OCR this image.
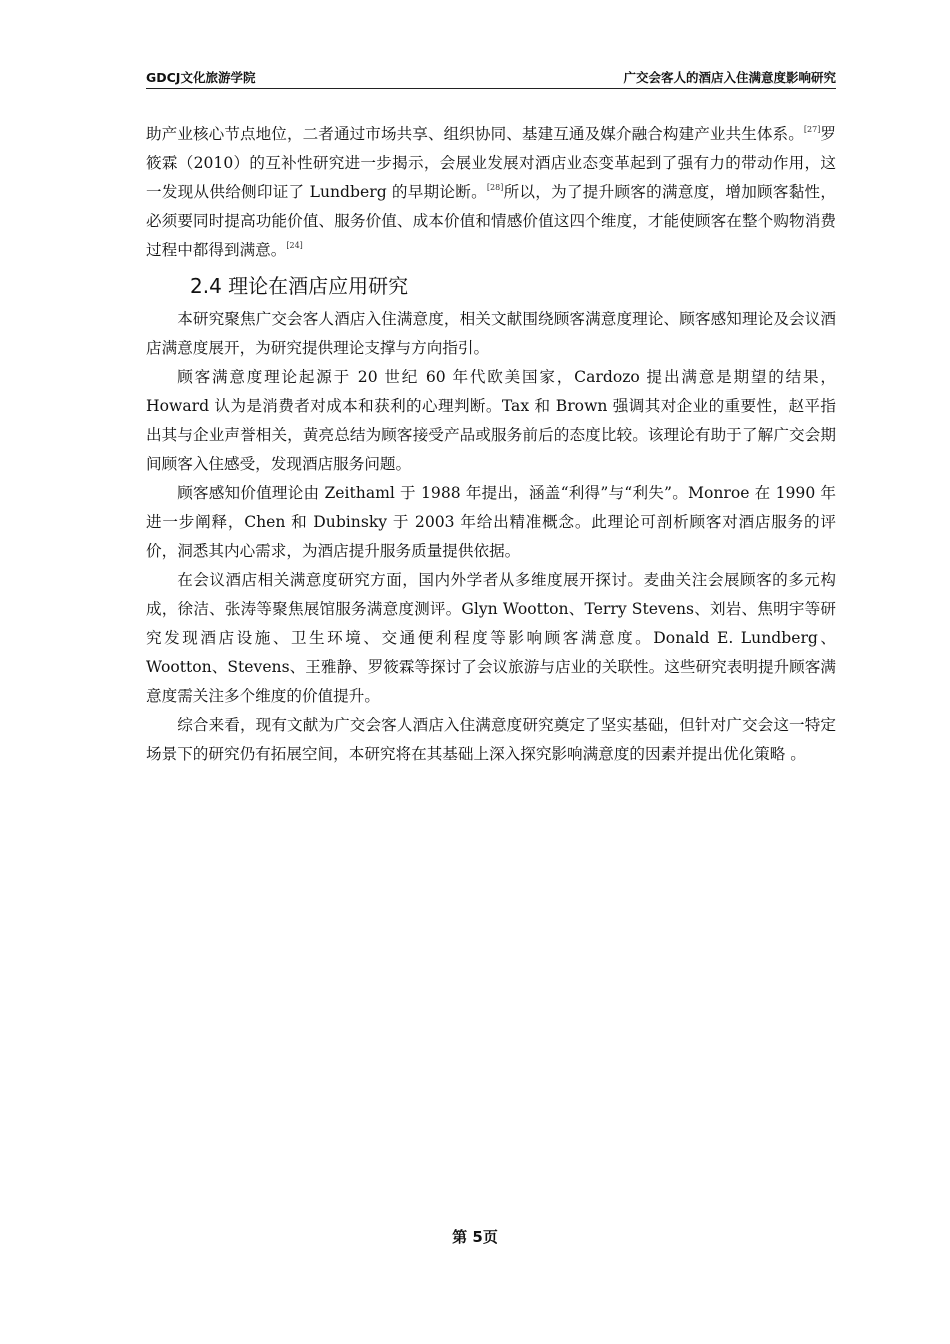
GDCJ文化旅游学院	广交会客人的酒店入住满意度影响研究

助产业核心节点地位，二者通过市场共享、组织协同、基建互通及媒介融合构建产业共生体系。[27]罗筱霖（2010）的互补性研究进一步揭示，会展业发展对酒店业态变革起到了强有力的带动作用，这一发现从供给侧印证了 Lundberg 的早期论断。[28]所以，为了提升顾客的满意度，增加顾客黏性，必须要同时提高功能价值、服务价值、成本价值和情感价值这四个维度，才能使顾客在整个购物消费过程中都得到满意。[24]

2.4 理论在酒店应用研究

本研究聚焦广交会客人酒店入住满意度，相关文献围绕顾客满意度理论、顾客感知理论及会议酒店满意度展开，为研究提供理论支撑与方向指引。

顾客满意度理论起源于 20 世纪 60 年代欧美国家，Cardozo 提出满意是期望的结果，Howard 认为是消费者对成本和获利的心理判断。Tax 和 Brown 强调其对企业的重要性，赵平指出其与企业声誉相关，黄亮总结为顾客接受产品或服务前后的态度比较。该理论有助于了解广交会期间顾客入住感受，发现酒店服务问题。

顾客感知价值理论由 Zeithaml 于 1988 年提出，涵盖“利得”与“利失”。Monroe 在 1990 年进一步阐释，Chen 和 Dubinsky 于 2003 年给出精准概念。此理论可剖析顾客对酒店服务的评价，洞悉其内心需求，为酒店提升服务质量提供依据。

在会议酒店相关满意度研究方面，国内外学者从多维度展开探讨。麦曲关注会展顾客的多元构成，徐洁、张涛等聚焦展馆服务满意度测评。Glyn Wootton、Terry Stevens、刘岩、焦明宇等研究发现酒店设施、卫生环境、交通便利程度等影响顾客满意度。Donald E. Lundberg、Wootton、Stevens、王雅静、罗筱霖等探讨了会议旅游与店业的关联性。这些研究表明提升顾客满意度需关注多个维度的价值提升。

综合来看，现有文献为广交会客人酒店入住满意度研究奠定了坚实基础，但针对广交会这一特定场景下的研究仍有拓展空间，本研究将在其基础上深入探究影响满意度的因素并提出优化策略 。

第 5页
